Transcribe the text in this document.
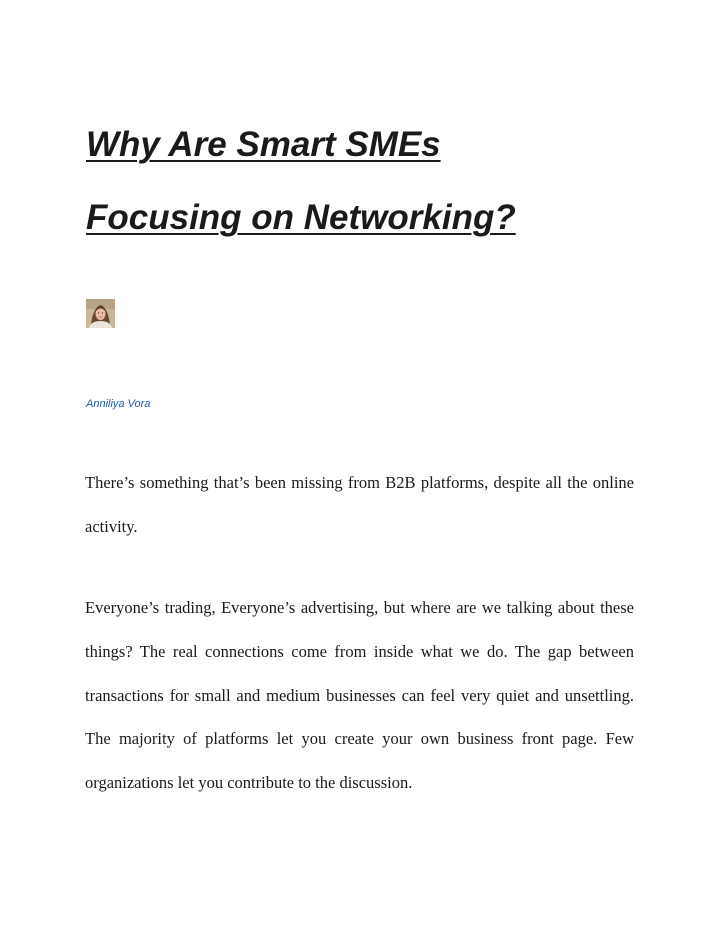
Why Are Smart SMEs
Focusing on Networking?
Anniliya Vora

There’s something that’s been missing from B2B platforms, despite all the online activity.

Everyone’s trading, Everyone’s advertising, but where are we talking about these things? The real connections come from inside what we do. The gap between transactions for small and medium businesses can feel very quiet and unsettling. The majority of platforms let you create your own business front page. Few organizations let you contribute to the discussion.
